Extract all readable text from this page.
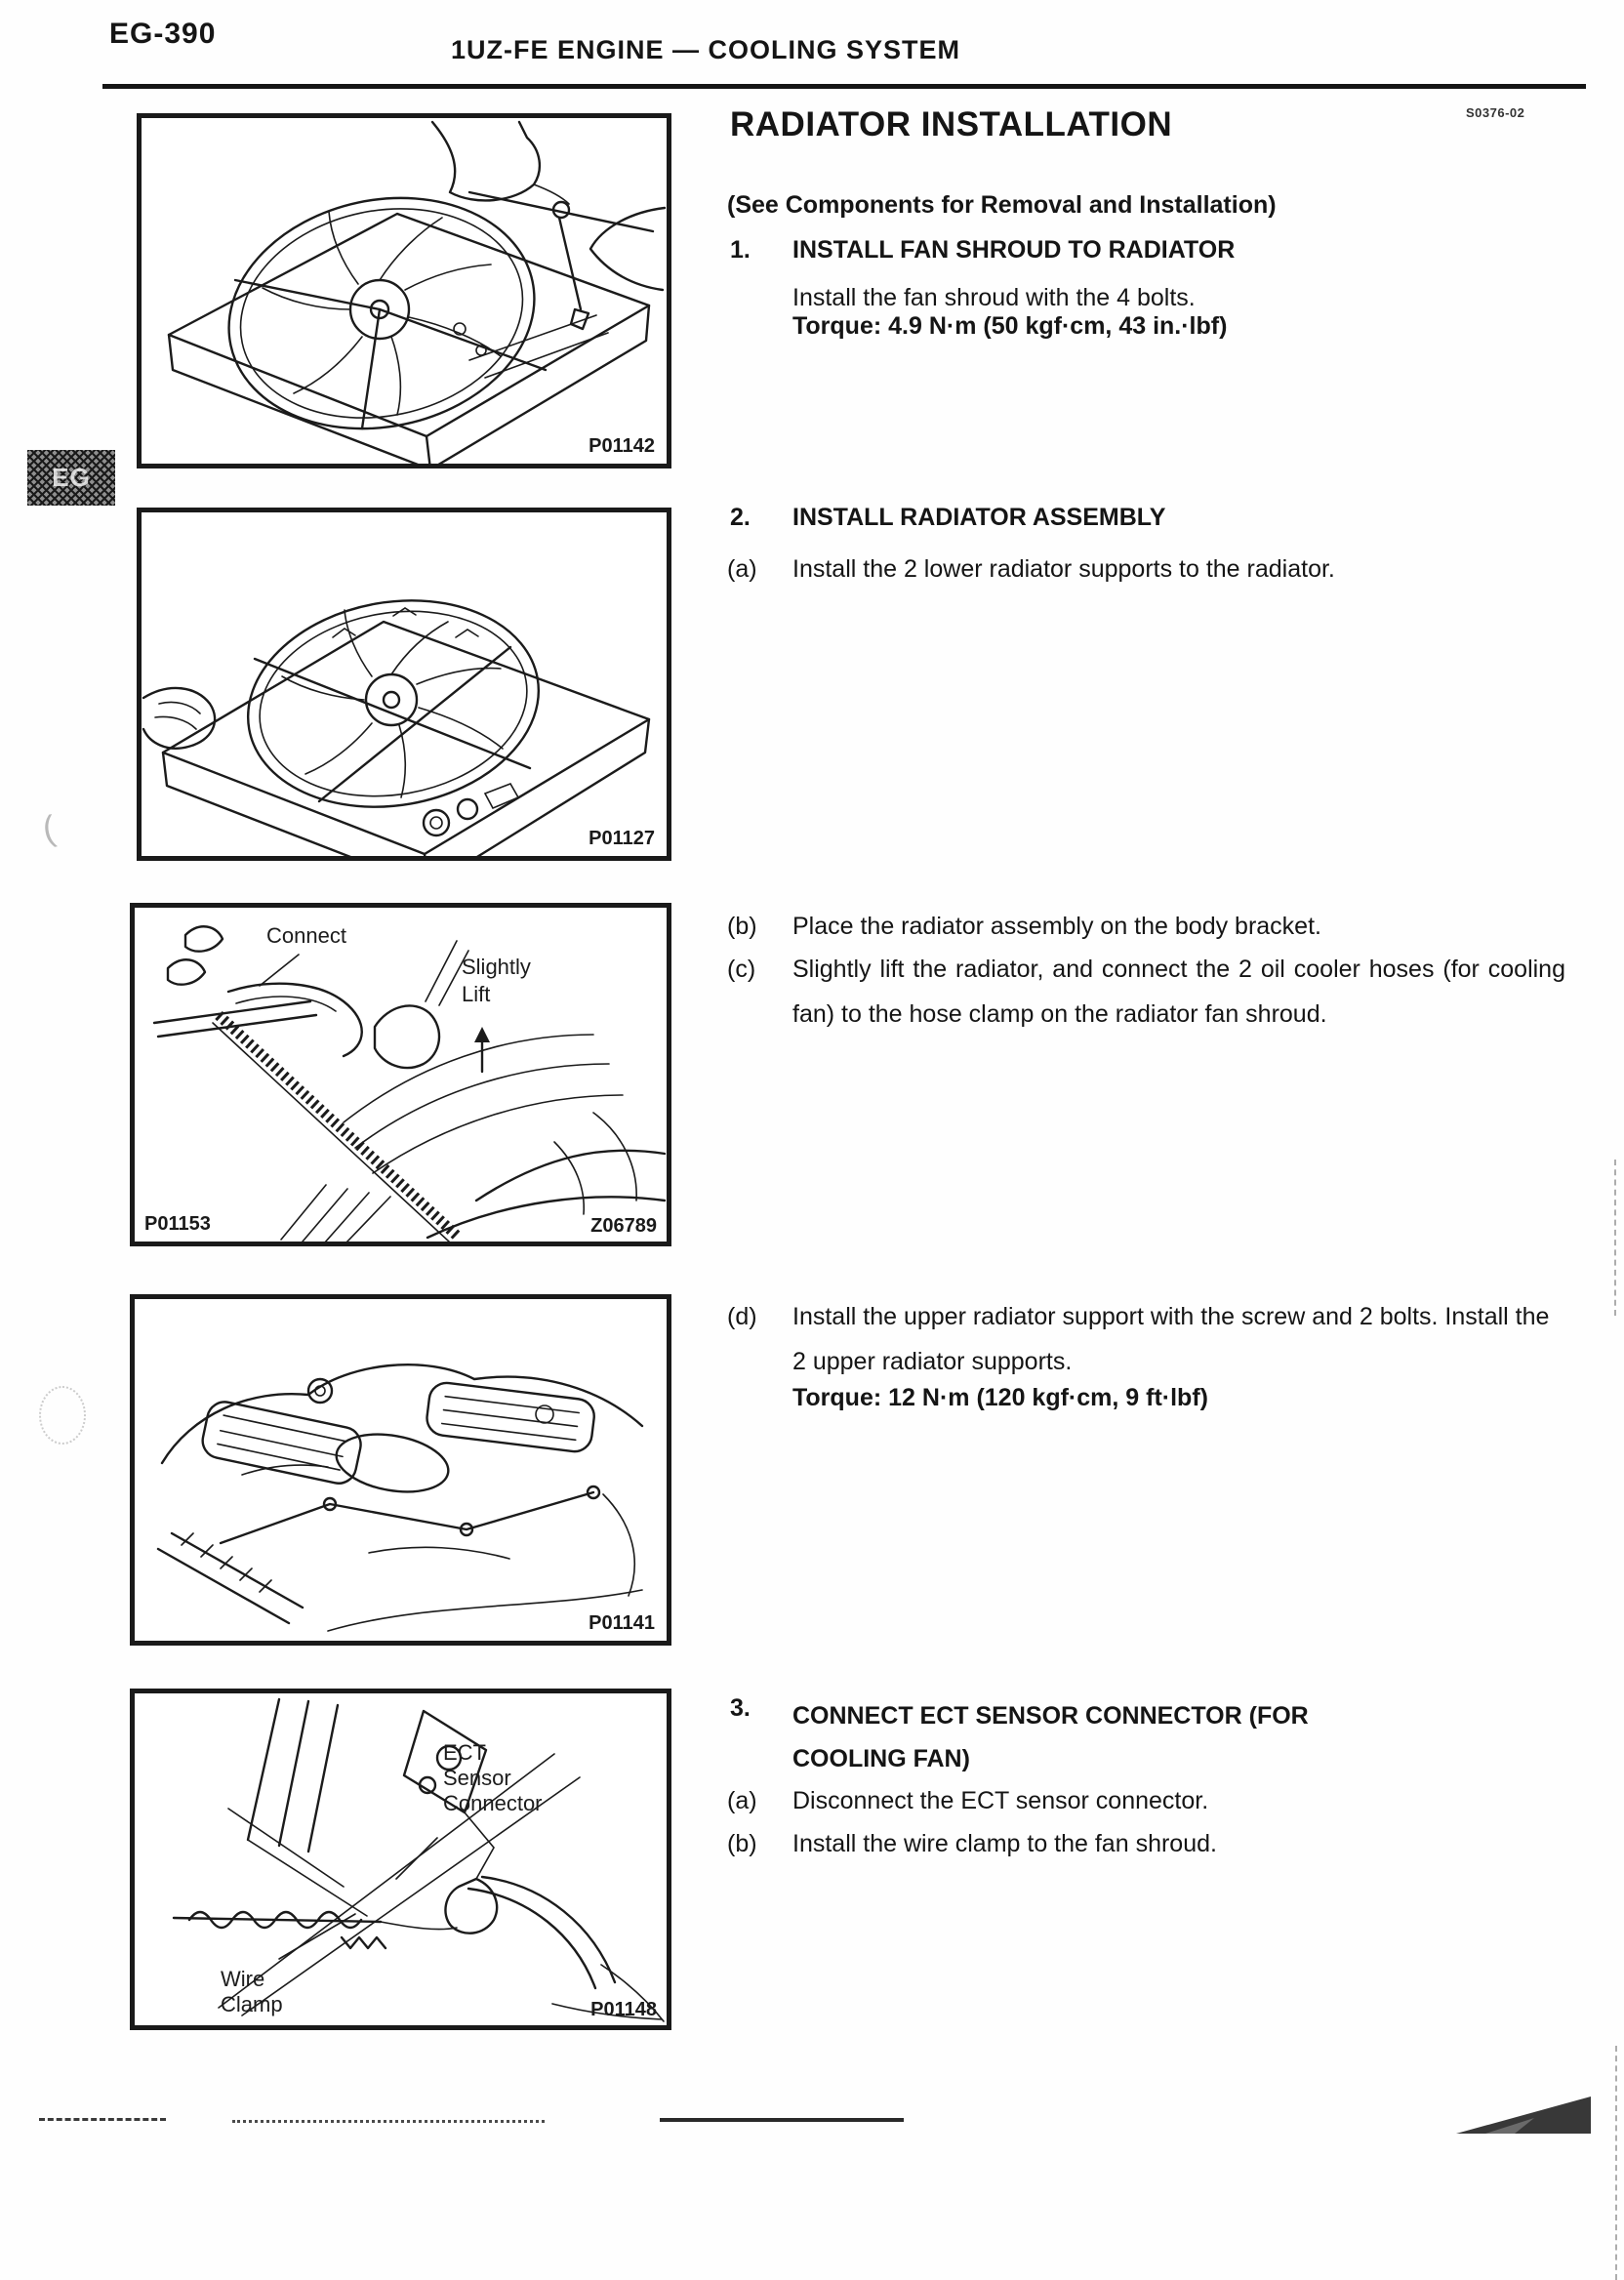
EG-390	1UZ-FE ENGINE — COOLING SYSTEM
EG
P01142
P01127
Connect
Slightly
Lift
P01153	Z06789
P01141
ECT
Sensor
Connector
Wire
Clamp	P01148
RADIATOR INSTALLATION	S0376-02
(See Components for Removal and Installation)
1. INSTALL FAN SHROUD TO RADIATOR
Install the fan shroud with the 4 bolts.
Torque: 4.9 N·m (50 kgf·cm, 43 in.·lbf)
2. INSTALL RADIATOR ASSEMBLY
(a) Install the 2 lower radiator supports to the radiator.
(b) Place the radiator assembly on the body bracket.
(c) Slightly lift the radiator, and connect the 2 oil cooler hoses (for cooling fan) to the hose clamp on the radiator fan shroud.
(d) Install the upper radiator support with the screw and 2 bolts. Install the 2 upper radiator supports.
Torque: 12 N·m (120 kgf·cm, 9 ft·lbf)
3. CONNECT ECT SENSOR CONNECTOR (FOR COOLING FAN)
(a) Disconnect the ECT sensor connector.
(b) Install the wire clamp to the fan shroud.
(
